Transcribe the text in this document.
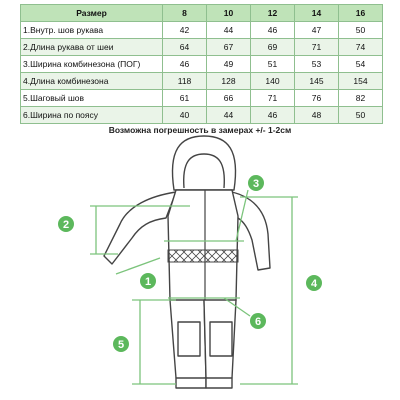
Размер	8	10	12	14	16
1.Внутр. шов рукава	42	44	46	47	50
2.Длина рукава от шеи	64	67	69	71	74
3.Ширина комбинезона (ПОГ)	46	49	51	53	54
4.Длина комбинезона	118	128	140	145	154
5.Шаговый шов	61	66	71	76	82
6.Ширина по поясу	40	44	46	48	50
Возможна погрешность в замерах +/- 1-2см
1
2
3
4
5
6
